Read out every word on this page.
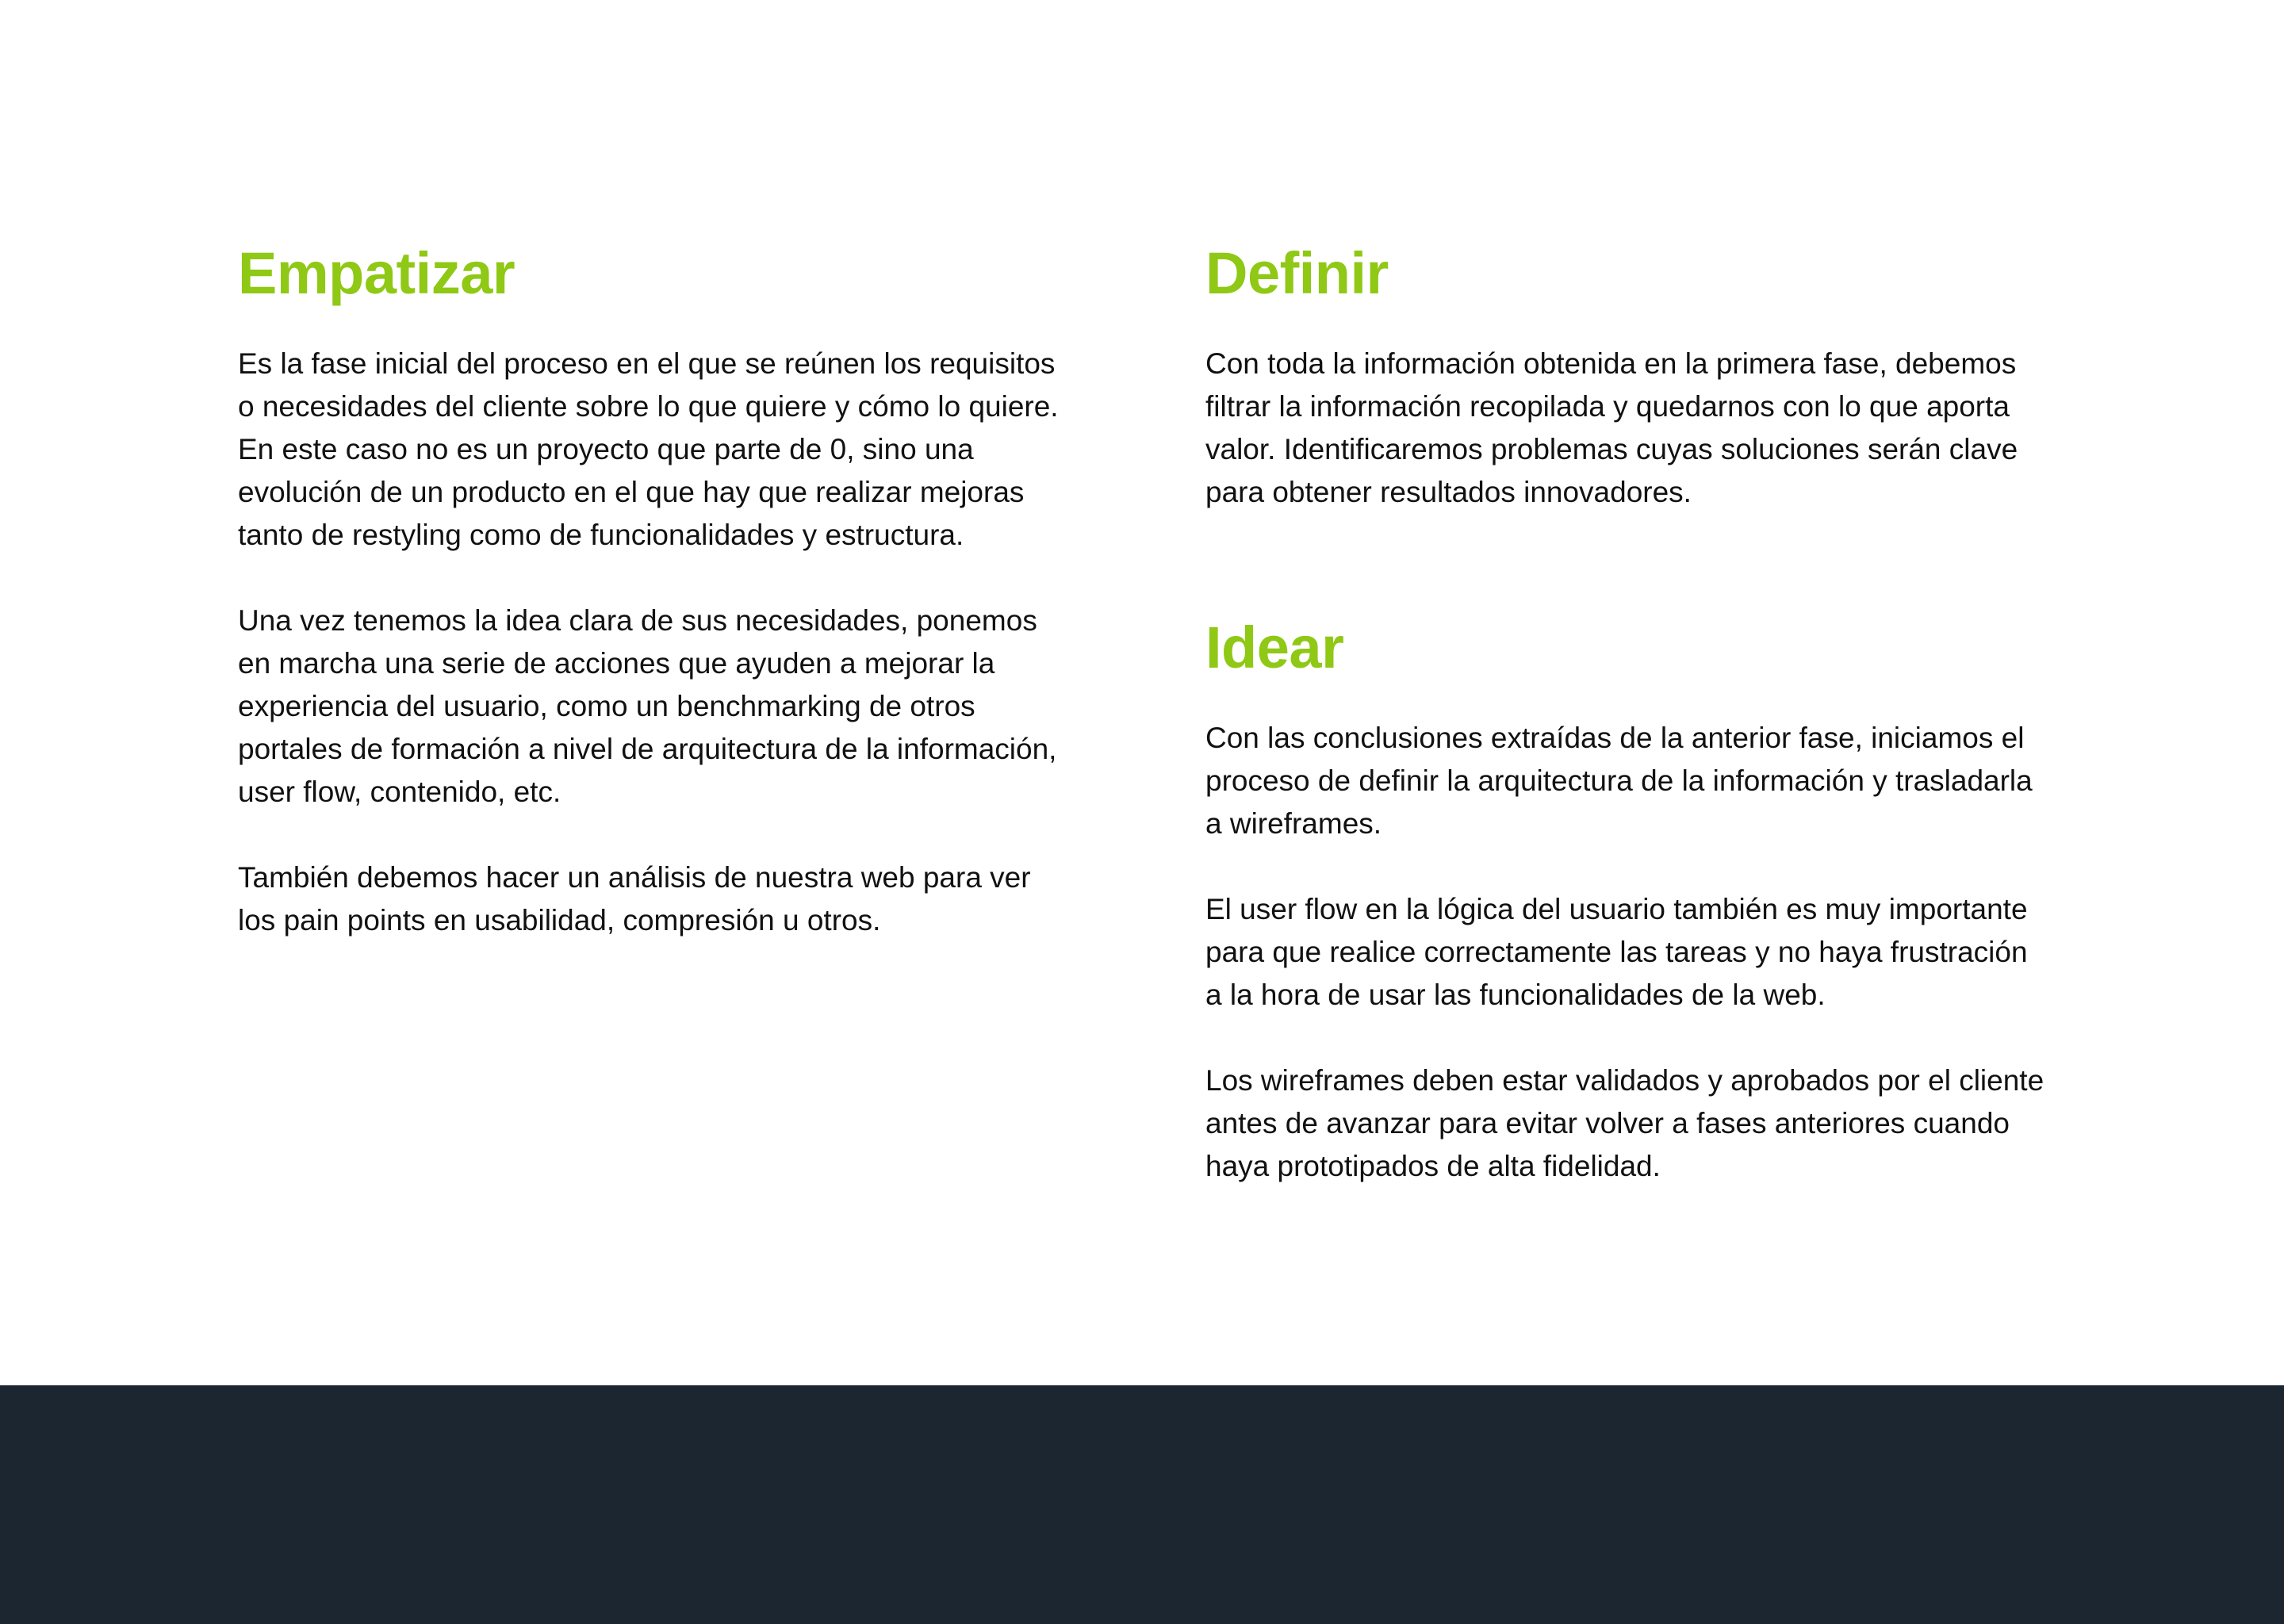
Empatizar

Es la fase inicial del proceso en el que se reúnen los requisitos
o necesidades del cliente sobre lo que quiere y cómo lo quiere.
En este caso no es un proyecto que parte de 0, sino una
evolución de un producto en el que hay que realizar mejoras
tanto de restyling como de funcionalidades y estructura.

Una vez tenemos la idea clara de sus necesidades, ponemos
en marcha una serie de acciones que ayuden a mejorar la
experiencia del usuario, como un benchmarking de otros
portales de formación a nivel de arquitectura de la información,
user flow, contenido, etc.

También debemos hacer un análisis de nuestra web para ver
los pain points en usabilidad, compresión u otros.

Definir

Con toda la información obtenida en la primera fase, debemos
filtrar la información recopilada y quedarnos con lo que aporta
valor. Identificaremos problemas cuyas soluciones serán clave
para obtener resultados innovadores.

Idear

Con las conclusiones extraídas de la anterior fase, iniciamos el
proceso de definir la arquitectura de la información y trasladarla
a wireframes.

El user flow en la lógica del usuario también es muy importante
para que realice correctamente las tareas y no haya frustración
a la hora de usar las funcionalidades de la web.

Los wireframes deben estar validados y aprobados por el cliente
antes de avanzar para evitar volver a fases anteriores cuando
haya prototipados de alta fidelidad.
